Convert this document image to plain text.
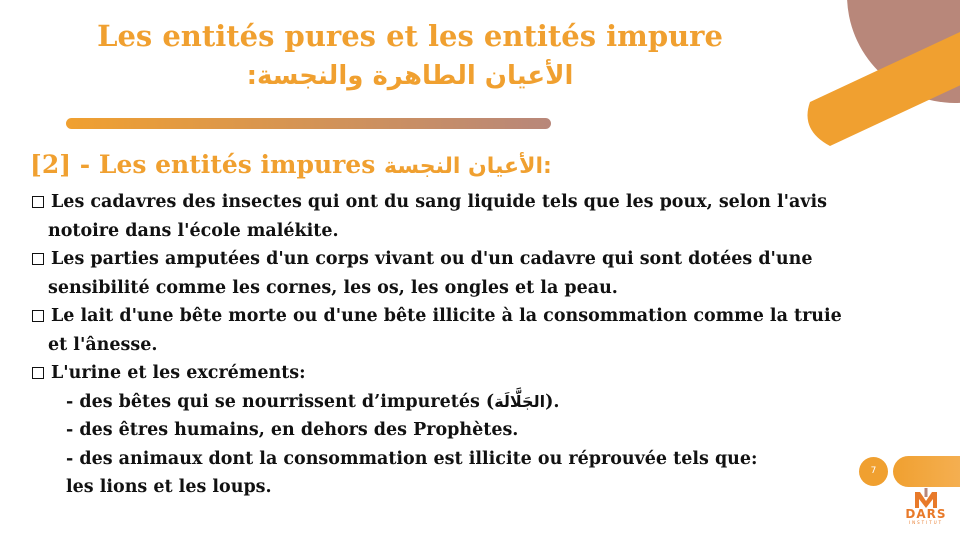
Les entités pures et les entités impure
الأعيان الطاهرة والنجسة:
[2] - Les entités impures الأعيان النجسة:
Les cadavres des insectes qui ont du sang liquide tels que les poux, selon l'avis
notoire dans l'école malékite.
Les parties amputées d'un corps vivant ou d'un cadavre qui sont dotées d'une
sensibilité comme les cornes, les os, les ongles et la peau.
Le lait d'une bête morte ou d'une bête illicite à la consommation comme la truie
et l'ânesse.
L'urine et les excréments:
- des bêtes qui se nourrissent d’impuretés (الجَلَّالَة).
- des êtres humains, en dehors des Prophètes.
- des animaux dont la consommation est illicite ou réprouvée tels que:
les lions et les loups.
7
DARS
INSTITUT
